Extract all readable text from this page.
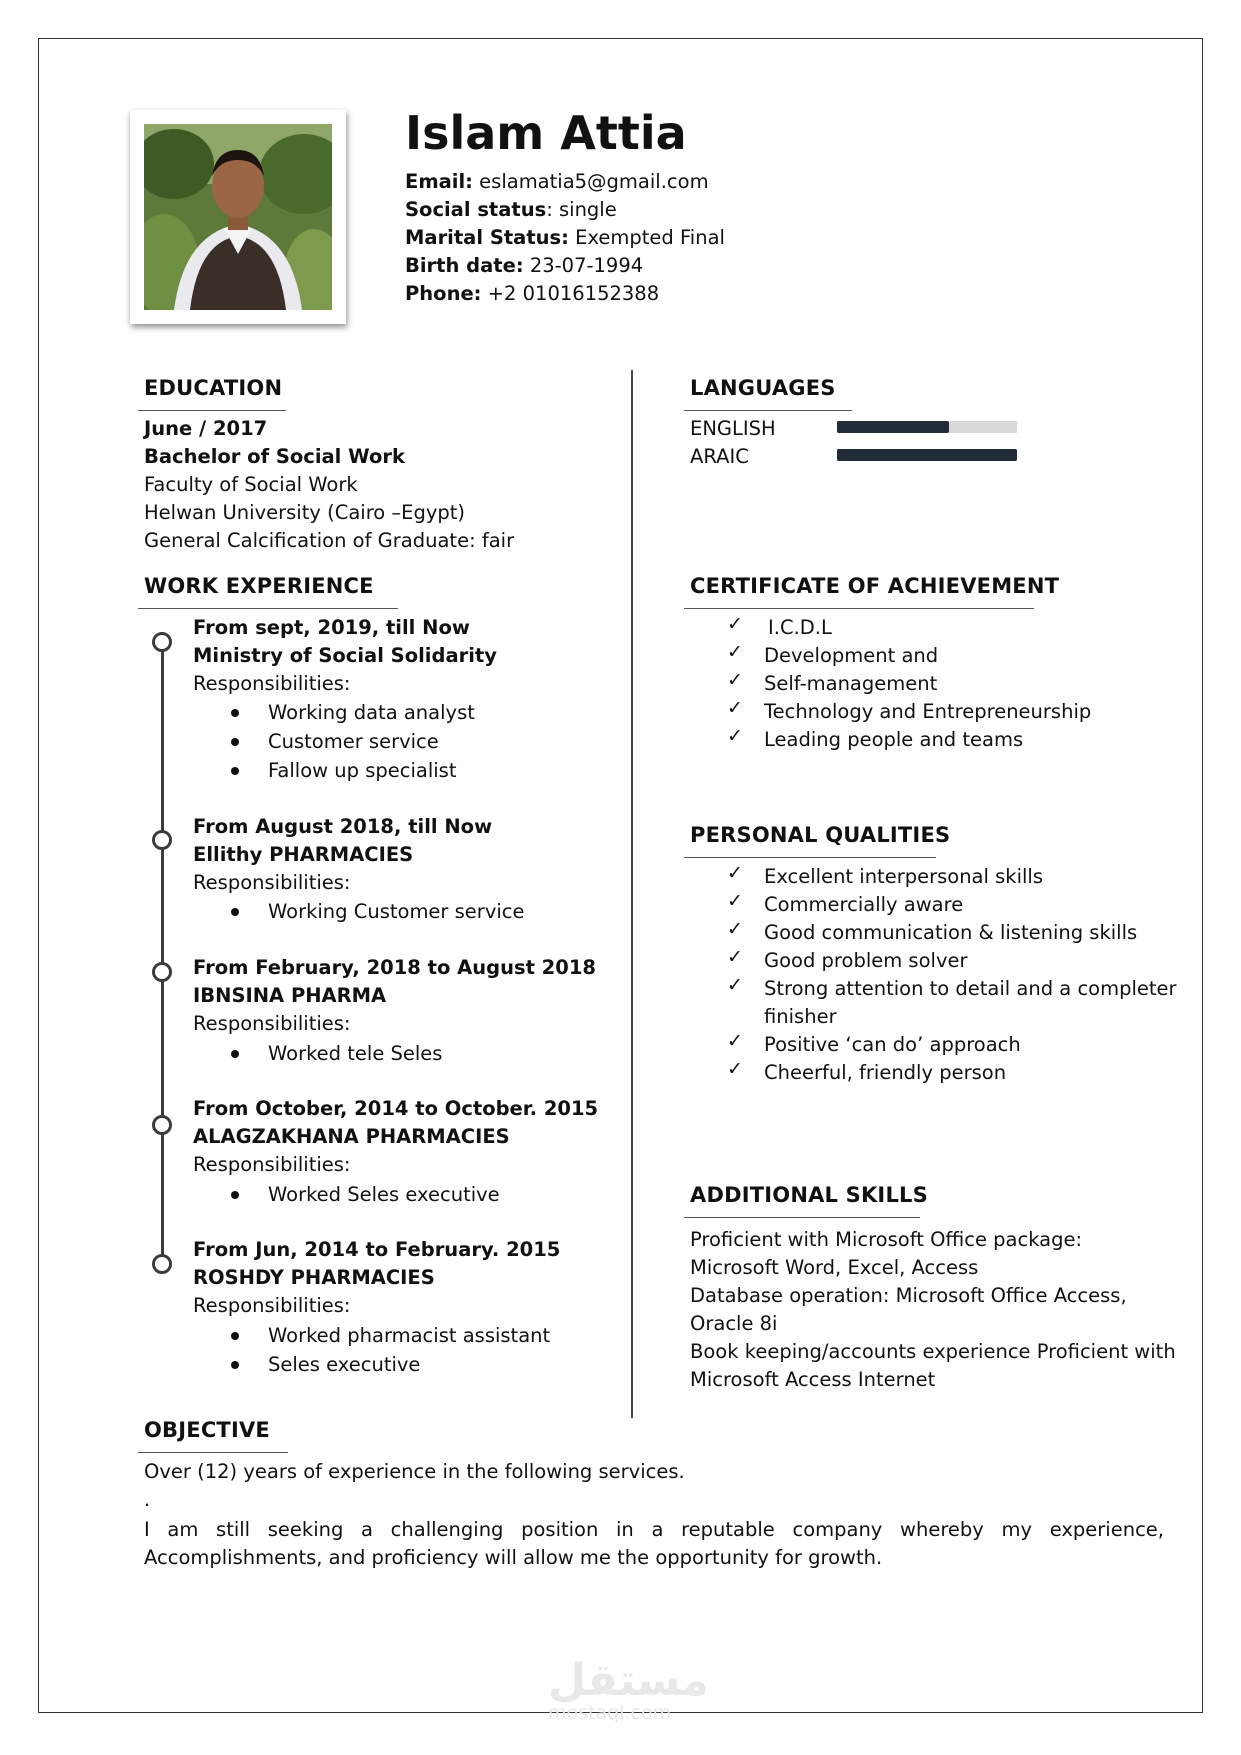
Islam Attia
Email: eslamatia5@gmail.com
Social status: single
Marital Status: Exempted Final
Birth date: 23-07-1994
Phone: +2 01016152388
EDUCATION
June / 2017
Bachelor of Social Work
Faculty of Social Work
Helwan University (Cairo –Egypt)
General Calcification of Graduate: fair
WORK EXPERIENCE
From sept, 2019, till Now
Ministry of Social Solidarity
Responsibilities:
Working data analyst
Customer service
Fallow up specialist
From August 2018, till Now
Ellithy PHARMACIES
Responsibilities:
Working Customer service
From February, 2018 to August 2018
IBNSINA PHARMA
Responsibilities:
Worked tele Seles
From October, 2014 to October. 2015
ALAGZAKHANA PHARMACIES
Responsibilities:
Worked Seles executive
From Jun, 2014 to February. 2015
ROSHDY PHARMACIES
Responsibilities:
Worked pharmacist assistant
Seles executive
LANGUAGES
ENGLISH
ARAIC
CERTIFICATE OF ACHIEVEMENT
✓ I.C.D.L
✓ Development and
✓ Self-management
✓ Technology and Entrepreneurship
✓ Leading people and teams
PERSONAL QUALITIES
✓ Excellent interpersonal skills
✓ Commercially aware
✓ Good communication & listening skills
✓ Good problem solver
✓ Strong attention to detail and a completer
finisher
✓ Positive ‘can do’ approach
✓ Cheerful, friendly person
ADDITIONAL SKILLS
Proficient with Microsoft Office package:
Microsoft Word, Excel, Access
Database operation: Microsoft Office Access,
Oracle 8i
Book keeping/accounts experience Proficient with
Microsoft Access Internet
OBJECTIVE
Over (12) years of experience in the following services.
.
I am still seeking a challenging position in a reputable company whereby my experience, Accomplishments, and proficiency will allow me the opportunity for growth.
مستقل
mostaql.com
